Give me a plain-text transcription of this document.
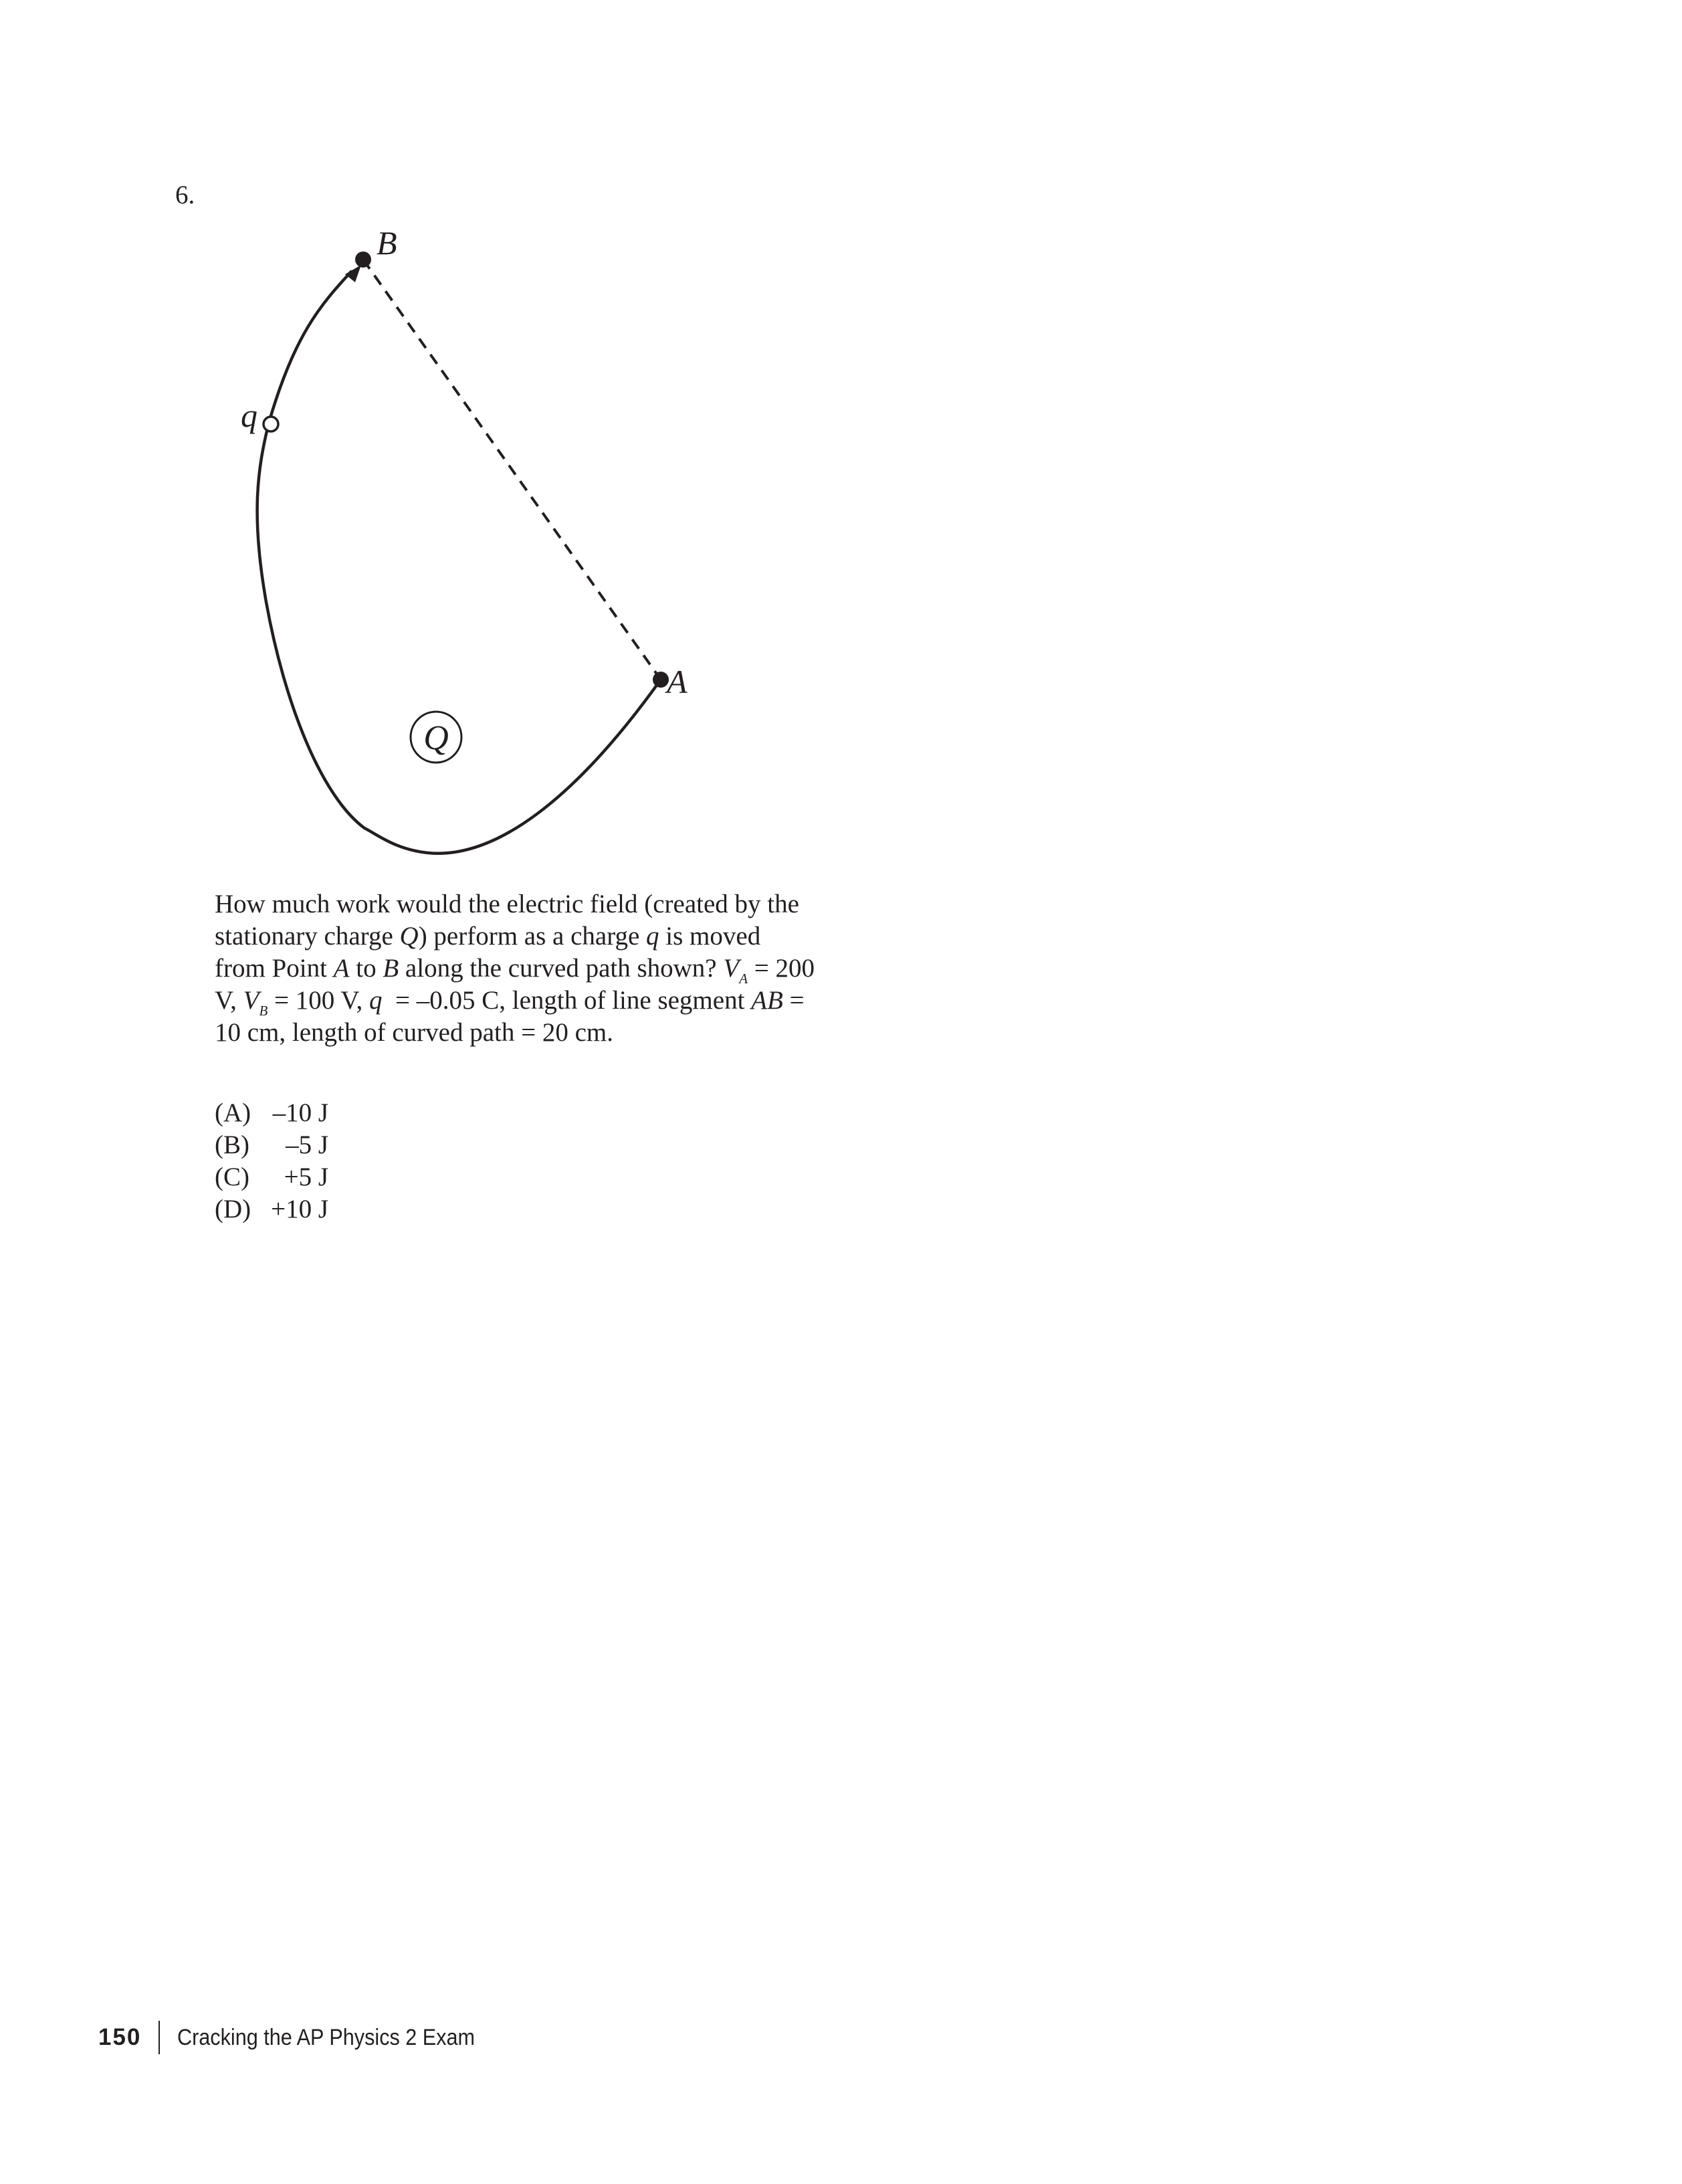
6.
B
A
q
Q

How much work would the electric field (created by the stationary charge Q) perform as a charge q is moved from Point A to B along the curved path shown? $V_A = 200$ V, $V_B = 100$ V, q  = –0.05 C, length of line segment AB = 10 cm, length of curved path = 20 cm.

(A) –10 J
(B) –5 J
(C) +5 J
(D) +10 J
150 Cracking the AP Physics 2 Exam
